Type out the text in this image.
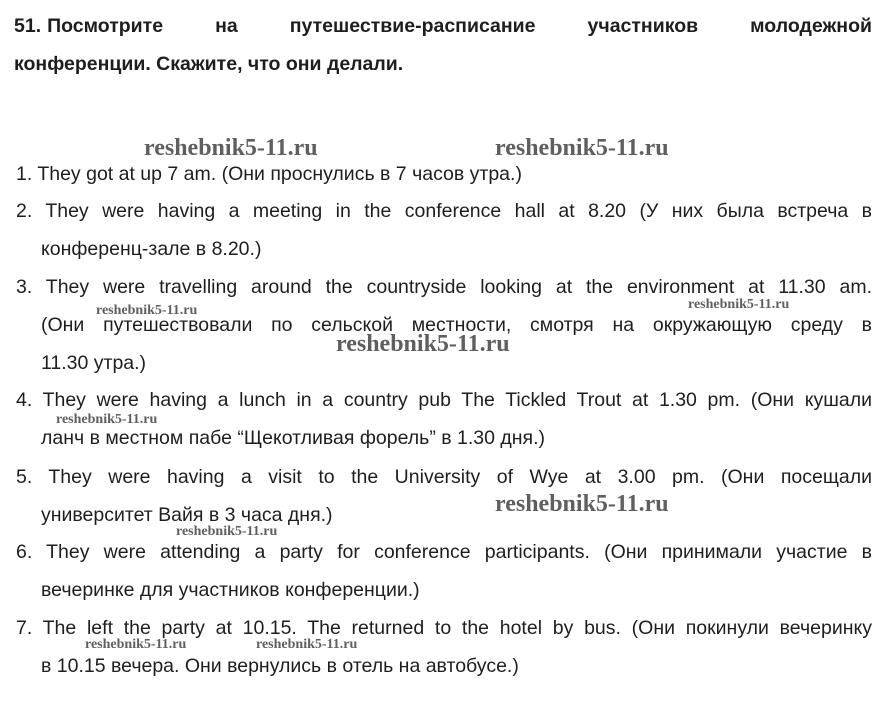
51. Посмотрите на путешествие-расписание участников молодежной
конференции. Скажите, что они делали.
1. They got at up 7 am. (Они проснулись в 7 часов утра.)
2. They were having a meeting in the conference hall at 8.20 (У них была встреча в
конференц-зале в 8.20.)
3. They were travelling around the countryside looking at the environment at 11.30 am.
(Они путешествовали по сельской местности, смотря на окружающую среду в
11.30 утра.)
4. They were having a lunch in a country pub The Tickled Trout at 1.30 pm. (Они кушали
ланч в местном пабе “Щекотливая форель” в 1.30 дня.)
5. They were having a visit to the University of Wye at 3.00 pm. (Они посещали
университет Вайя в 3 часа дня.)
6. They were attending a party for conference participants. (Они принимали участие в
вечеринке для участников конференции.)
7. The left the party at 10.15. The returned to the hotel by bus. (Они покинули вечеринку
в 10.15 вечера. Они вернулись в отель на автобусе.)
reshebnik5-11.ru	reshebnik5-11.ru
reshebnik5-11.ru	reshebnik5-11.ru
reshebnik5-11.ru
reshebnik5-11.ru
reshebnik5-11.ru
reshebnik5-11.ru
reshebnik5-11.ru	reshebnik5-11.ru
